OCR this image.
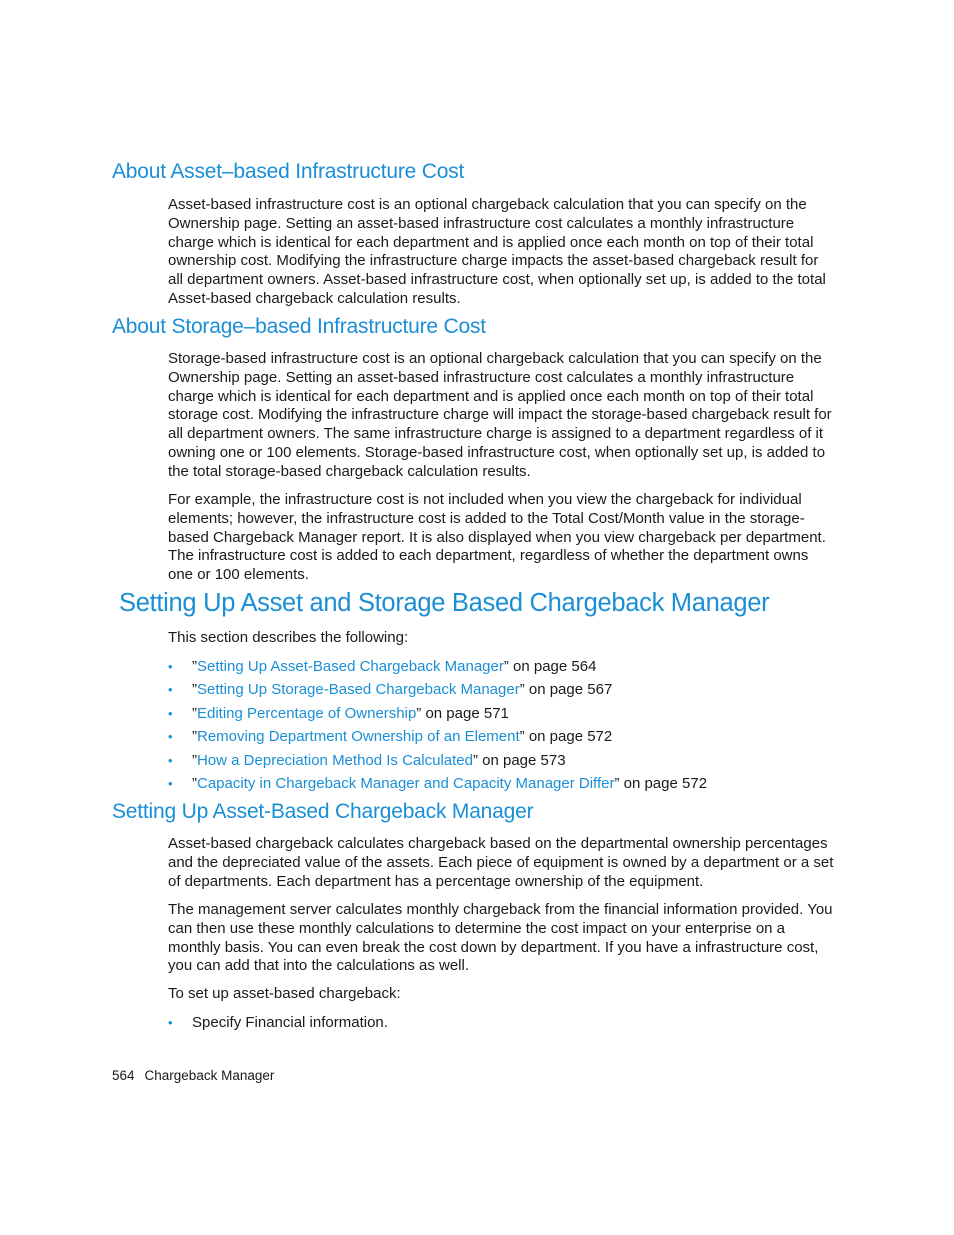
About Asset–based Infrastructure Cost

Asset-based infrastructure cost is an optional chargeback calculation that you can specify on the Ownership page. Setting an asset-based infrastructure cost calculates a monthly infrastructure charge which is identical for each department and is applied once each month on top of their total ownership cost. Modifying the infrastructure charge impacts the asset-based chargeback result for all department owners. Asset-based infrastructure cost, when optionally set up, is added to the total Asset-based chargeback calculation results.

About Storage–based Infrastructure Cost

Storage-based infrastructure cost is an optional chargeback calculation that you can specify on the Ownership page. Setting an asset-based infrastructure cost calculates a monthly infrastructure charge which is identical for each department and is applied once each month on top of their total storage cost. Modifying the infrastructure charge will impact the storage-based chargeback result for all department owners. The same infrastructure charge is assigned to a department regardless of it owning one or 100 elements. Storage-based infrastructure cost, when optionally set up, is added to the total storage-based chargeback calculation results.

For example, the infrastructure cost is not included when you view the chargeback for individual elements; however, the infrastructure cost is added to the Total Cost/Month value in the storage-based Chargeback Manager report. It is also displayed when you view chargeback per department. The infrastructure cost is added to each department, regardless of whether the department owns one or 100 elements.

Setting Up Asset and Storage Based Chargeback Manager

This section describes the following:

• ”Setting Up Asset-Based Chargeback Manager” on page 564
• ”Setting Up Storage-Based Chargeback Manager” on page 567
• ”Editing Percentage of Ownership” on page 571
• ”Removing Department Ownership of an Element” on page 572
• ”How a Depreciation Method Is Calculated” on page 573
• ”Capacity in Chargeback Manager and Capacity Manager Differ” on page 572
Setting Up Asset-Based Chargeback Manager

Asset-based chargeback calculates chargeback based on the departmental ownership percentages and the depreciated value of the assets. Each piece of equipment is owned by a department or a set of departments. Each department has a percentage ownership of the equipment.

The management server calculates monthly chargeback from the financial information provided. You can then use these monthly calculations to determine the cost impact on your enterprise on a monthly basis. You can even break the cost down by department. If you have a infrastructure cost, you can add that into the calculations as well.

To set up asset-based chargeback:

• Specify Financial information.
564 Chargeback Manager
